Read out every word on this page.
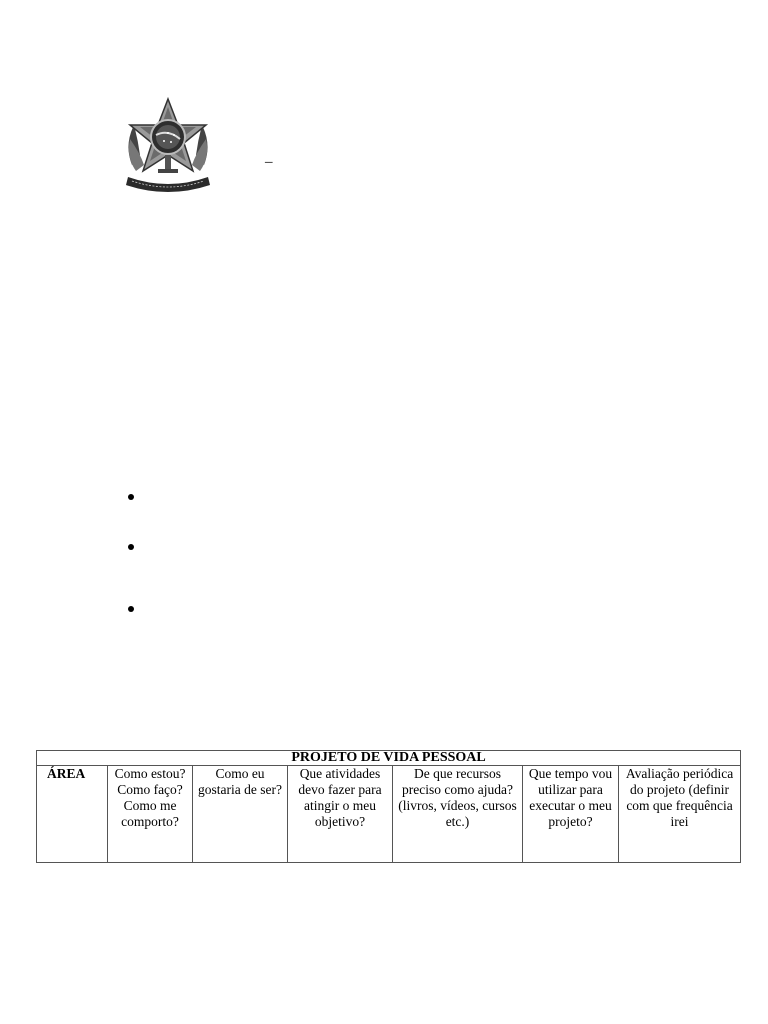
_
PROJETO DE VIDA PESSOAL
ÁREA	Como estou? Como faço? Como me comporto?	Como eu gostaria de ser?	Que atividades devo fazer para atingir o meu objetivo?	De que recursos preciso como ajuda? (livros, vídeos, cursos etc.)	Que tempo vou utilizar para executar o meu projeto?	Avaliação periódica do projeto (definir com que frequência irei
